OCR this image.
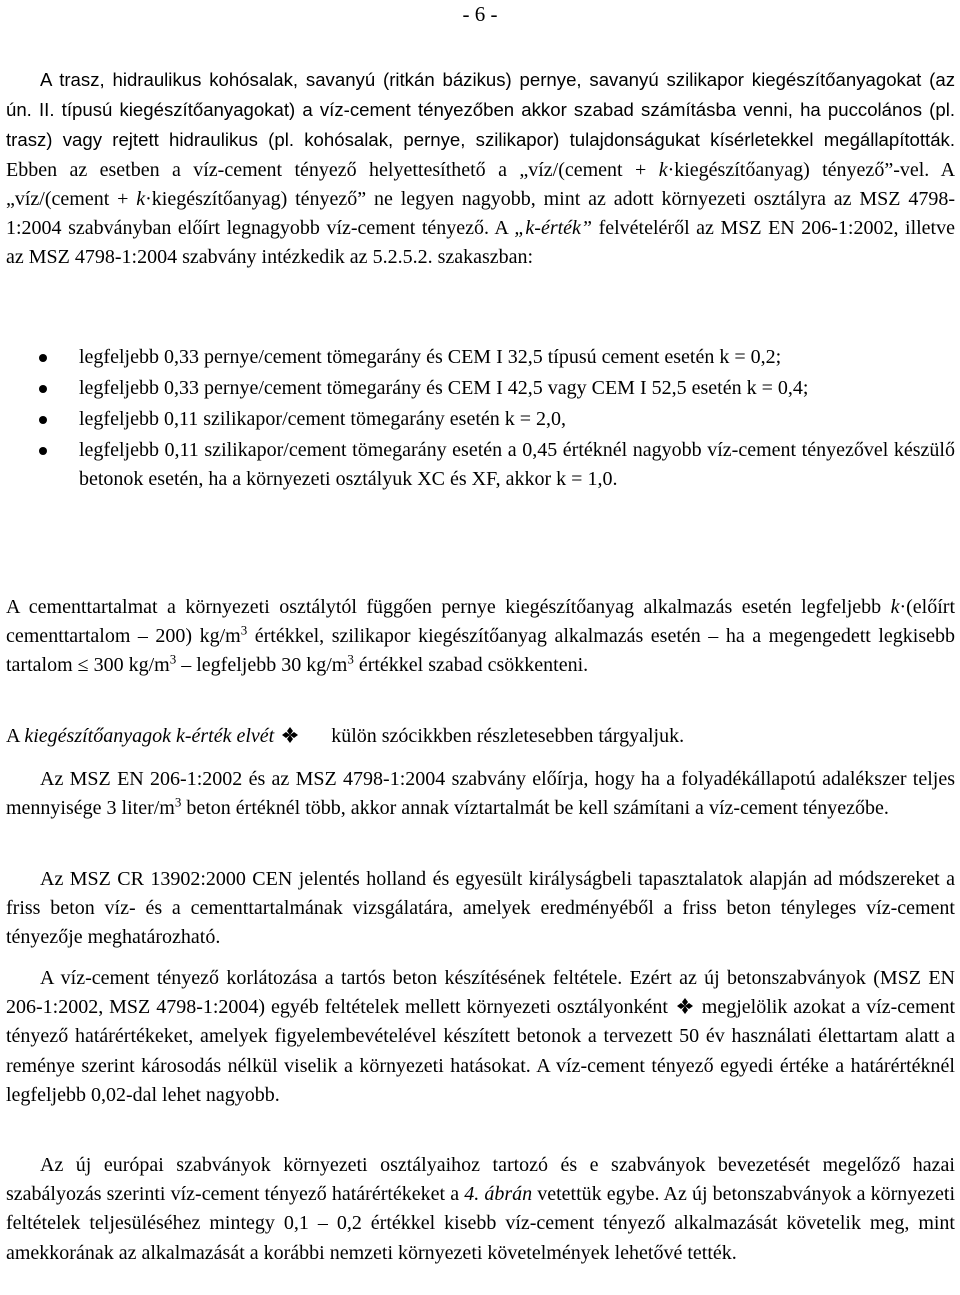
- 6 -

A trasz, hidraulikus kohósalak, savanyú (ritkán bázikus) pernye, savanyú szilikapor kiegészítőanyagokat (az ún. II. típusú kiegészítőanyagokat) a víz-cement tényezőben akkor szabad számításba venni, ha puccolános (pl. trasz) vagy rejtett hidraulikus (pl. kohósalak, pernye, szilikapor) tulajdonságukat kísérletekkel megállapították. Ebben az esetben a víz-cement tényező helyettesíthető a „víz/(cement + k·kiegészítőanyag) tényező”-vel. A „víz/(cement + k·kiegészítőanyag) tényező” ne legyen nagyobb, mint az adott környezeti osztályra az MSZ 4798-1:2004 szabványban előírt legnagyobb víz-cement tényező. A „k-érték” felvételéről az MSZ EN 206-1:2002, illetve az MSZ 4798-1:2004 szabvány intézkedik az 5.2.5.2. szakaszban:

legfeljebb 0,33 pernye/cement tömegarány és CEM I 32,5 típusú cement esetén k = 0,2;
legfeljebb 0,33 pernye/cement tömegarány és CEM I 42,5 vagy CEM I 52,5 esetén k = 0,4;
legfeljebb 0,11 szilikapor/cement tömegarány esetén k = 2,0,
legfeljebb 0,11 szilikapor/cement tömegarány esetén a 0,45 értéknél nagyobb víz-cement tényezővel készülő betonok esetén, ha a környezeti osztályuk XC és XF, akkor k = 1,0.

A cementtartalmat a környezeti osztálytól függően pernye kiegészítőanyag alkalmazás esetén legfeljebb k·(előírt cementtartalom – 200) $kg/m^3$ értékkel, szilikapor kiegészítőanyag alkalmazás esetén – ha a megengedett legkisebb tartalom ≤ 300 $kg/m^3$ – legfeljebb 30 $kg/m^3$ értékkel szabad csökkenteni.

A kiegészítőanyagok k-érték elvét	külön szócikkben részletesebben tárgyaljuk.

Az MSZ EN 206-1:2002 és az MSZ 4798-1:2004 szabvány előírja, hogy ha a folyadékállapotú adalékszer teljes mennyisége 3 liter/$m^3$ beton értéknél több, akkor annak víztartalmát be kell számítani a víz-cement tényezőbe.

Az MSZ CR 13902:2000 CEN jelentés holland és egyesült királyságbeli tapasztalatok alapján ad módszereket a friss beton víz- és a cementtartalmának vizsgálatára, amelyek eredményéből a friss beton tényleges víz-cement tényezője meghatározható.

A víz-cement tényező korlátozása a tartós beton készítésének feltétele. Ezért az új betonszabványok (MSZ EN 206-1:2002, MSZ 4798-1:2004) egyéb feltételek mellett környezeti osztályonként megjelölik azokat a víz-cement tényező határértékeket, amelyek figyelembevételével készített betonok a tervezett 50 év használati élettartam alatt a reménye szerint károsodás nélkül viselik a környezeti hatásokat. A víz-cement tényező egyedi értéke a határértéknél legfeljebb 0,02-dal lehet nagyobb.

Az új európai szabványok környezeti osztályaihoz tartozó és e szabványok bevezetését megelőző hazai szabályozás szerinti víz-cement tényező határértékeket a 4. ábrán vetettük egybe. Az új betonszabványok a környezeti feltételek teljesüléséhez mintegy 0,1 – 0,2 értékkel kisebb víz-cement tényező alkalmazását követelik meg, mint amekkorának az alkalmazását a korábbi nemzeti környezeti követelmények lehetővé tették.
